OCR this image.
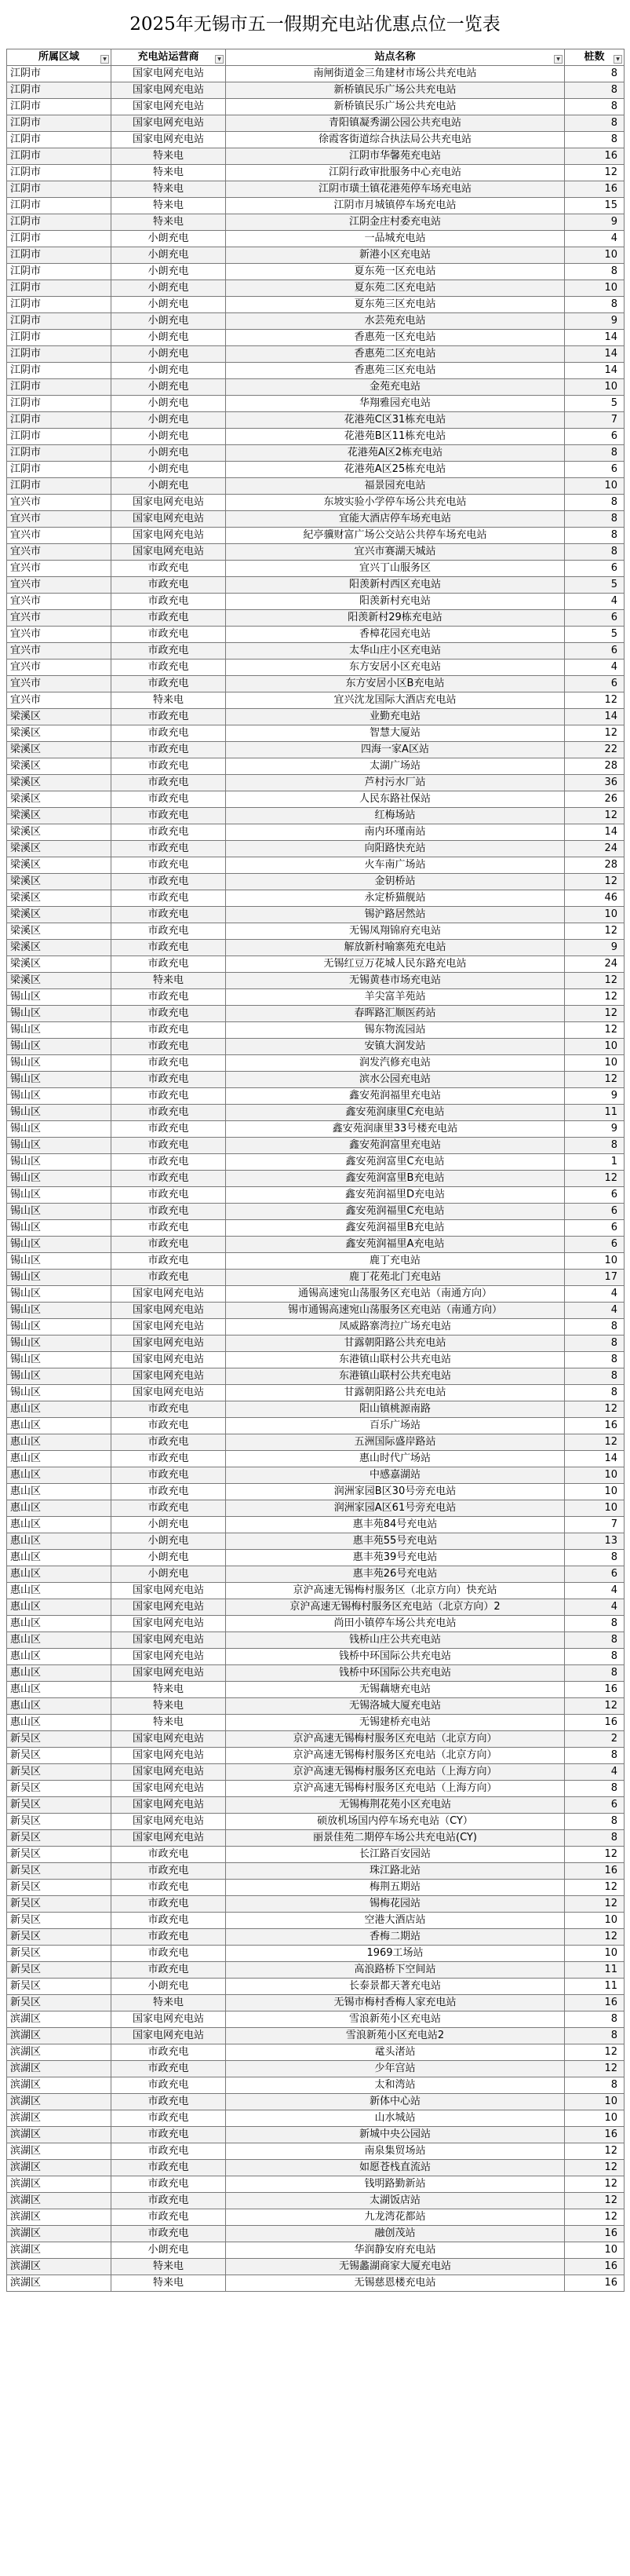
2025年无锡市五一假期充电站优惠点位一览表
所属区域 ▼	充电站运营商 ▼	站点名称 ▼	桩数 ▼

江阴市	国家电网充电站	南闸街道金三角建材市场公共充电站	8
江阴市	国家电网充电站	新桥镇民乐广场公共充电站	8
江阴市	国家电网充电站	新桥镇民乐广场公共充电站	8
江阴市	国家电网充电站	青阳镇凝秀湖公园公共充电站	8
江阴市	国家电网充电站	徐霞客街道综合执法局公共充电站	8
江阴市	特来电	江阴市华馨苑充电站	16
江阴市	特来电	江阴行政审批服务中心充电站	12
江阴市	特来电	江阴市璜土镇花港苑停车场充电站	16
江阴市	特来电	江阴市月城镇停车场充电站	15
江阴市	特来电	江阴金庄村委充电站	9
江阴市	小朗充电	一品城充电站	4
江阴市	小朗充电	新港小区充电站	10
江阴市	小朗充电	夏东苑一区充电站	8
江阴市	小朗充电	夏东苑二区充电站	10
江阴市	小朗充电	夏东苑三区充电站	8
江阴市	小朗充电	水芸苑充电站	9
江阴市	小朗充电	香惠苑一区充电站	14
江阴市	小朗充电	香惠苑二区充电站	14
江阴市	小朗充电	香惠苑三区充电站	14
江阴市	小朗充电	金苑充电站	10
江阴市	小朗充电	华翔雅园充电站	5
江阴市	小朗充电	花港苑C区31栋充电站	7
江阴市	小朗充电	花港苑B区11栋充电站	6
江阴市	小朗充电	花港苑A区2栋充电站	8
江阴市	小朗充电	花港苑A区25栋充电站	6
江阴市	小朗充电	福景园充电站	10
宜兴市	国家电网充电站	东坡实验小学停车场公共充电站	8
宜兴市	国家电网充电站	宜能大酒店停车场充电站	8
宜兴市	国家电网充电站	紀亭骥财富广场公交站公共停车场充电站	8
宜兴市	国家电网充电站	宜兴市赛湖天城站	8
宜兴市	市政充电	宜兴丁山服务区	6
宜兴市	市政充电	阳羡新村西区充电站	5
宜兴市	市政充电	阳羡新村充电站	4
宜兴市	市政充电	阳羡新村29栋充电站	6
宜兴市	市政充电	香樟花园充电站	5
宜兴市	市政充电	太华山庄小区充电站	6
宜兴市	市政充电	东方安居小区充电站	4
宜兴市	市政充电	东方安居小区B充电站	6
宜兴市	特来电	宜兴沈龙国际大酒店充电站	12
梁溪区	市政充电	业勤充电站	14
梁溪区	市政充电	智慧大厦站	12
梁溪区	市政充电	四海一家A区站	22
梁溪区	市政充电	太湖广场站	28
梁溪区	市政充电	芦村污水厂站	36
梁溪区	市政充电	人民东路社保站	26
梁溪区	市政充电	红梅场站	12
梁溪区	市政充电	南内环瑾南站	14
梁溪区	市政充电	向阳路快充站	24
梁溪区	市政充电	火车南广场站	28
梁溪区	市政充电	金钥桥站	12
梁溪区	市政充电	永定桥猫舰站	46
梁溪区	市政充电	锡沪路居然站	10
梁溪区	市政充电	无锡凤翔锦府充电站	12
梁溪区	市政充电	解放新村喻寨苑充电站	9
梁溪区	市政充电	无锡红豆万花城人民东路充电站	24
梁溪区	特来电	无锡黄巷市场充电站	12
锡山区	市政充电	羊尖富羊苑站	12
锡山区	市政充电	春晖路汇顺医药站	12
锡山区	市政充电	锡东物流园站	12
锡山区	市政充电	安镇大润发站	10
锡山区	市政充电	润发汽修充电站	10
锡山区	市政充电	滨水公园充电站	12
锡山区	市政充电	鑫安苑润福里充电站	9
锡山区	市政充电	鑫安苑润康里C充电站	11
锡山区	市政充电	鑫安苑润康里33号楼充电站	9
锡山区	市政充电	鑫安苑润富里充电站	8
锡山区	市政充电	鑫安苑润富里C充电站	1
锡山区	市政充电	鑫安苑润富里B充电站	12
锡山区	市政充电	鑫安苑润福里D充电站	6
锡山区	市政充电	鑫安苑润福里C充电站	6
锡山区	市政充电	鑫安苑润福里B充电站	6
锡山区	市政充电	鑫安苑润福里A充电站	6
锡山区	市政充电	鹿丁充电站	10
锡山区	市政充电	鹿丁花苑北门充电站	17
锡山区	国家电网充电站	通锡高速宛山荡服务区充电站（南通方向）	4
锡山区	国家电网充电站	锡市通锡高速宛山荡服务区充电站（南通方向）	4
锡山区	国家电网充电站	凤威路寨湾拉广场充电站	8
锡山区	国家电网充电站	甘露朝阳路公共充电站	8
锡山区	国家电网充电站	东港镇山联村公共充电站	8
锡山区	国家电网充电站	东港镇山联村公共充电站	8
锡山区	国家电网充电站	甘露朝阳路公共充电站	8
惠山区	市政充电	阳山镇桃源南路	12
惠山区	市政充电	百乐广场站	16
惠山区	市政充电	五洲国际盛岸路站	12
惠山区	市政充电	惠山时代广场站	14
惠山区	市政充电	中感嘉湖站	10
惠山区	市政充电	润洲家园B区30号旁充电站	10
惠山区	市政充电	润洲家园A区61号旁充电站	10
惠山区	小朗充电	惠丰苑84号充电站	7
惠山区	小朗充电	惠丰苑55号充电站	13
惠山区	小朗充电	惠丰苑39号充电站	8
惠山区	小朗充电	惠丰苑26号充电站	6
惠山区	国家电网充电站	京沪高速无锡梅村服务区（北京方向）快充站	4
惠山区	国家电网充电站	京沪高速无锡梅村服务区充电站（北京方向）2	4
惠山区	国家电网充电站	尚田小镇停车场公共充电站	8
惠山区	国家电网充电站	钱桥山庄公共充电站	8
惠山区	国家电网充电站	钱桥中环国际公共充电站	8
惠山区	国家电网充电站	钱桥中环国际公共充电站	8
惠山区	特来电	无锡藕塘充电站	16
惠山区	特来电	无锡洛城大厦充电站	12
惠山区	特来电	无锡建桥充电站	16
新吴区	国家电网充电站	京沪高速无锡梅村服务区充电站（北京方向）	2
新吴区	国家电网充电站	京沪高速无锡梅村服务区充电站（北京方向）	8
新吴区	国家电网充电站	京沪高速无锡梅村服务区充电站（上海方向）	4
新吴区	国家电网充电站	京沪高速无锡梅村服务区充电站（上海方向）	8
新吴区	国家电网充电站	无锡梅荆花苑小区充电站	6
新吴区	国家电网充电站	硕放机场国内停车场充电站（CY）	8
新吴区	国家电网充电站	丽景佳苑二期停车场公共充电站(CY)	8
新吴区	市政充电	长江路百安园站	12
新吴区	市政充电	珠江路北站	16
新吴区	市政充电	梅荆五期站	12
新吴区	市政充电	锡梅花园站	12
新吴区	市政充电	空港大酒店站	10
新吴区	市政充电	香梅二期站	12
新吴区	市政充电	1969工场站	10
新吴区	市政充电	高浪路桥下空间站	11
新吴区	小朗充电	长泰景都天著充电站	11
新吴区	特来电	无锡市梅村香梅人家充电站	16
滨湖区	国家电网充电站	雪浪新苑小区充电站	8
滨湖区	国家电网充电站	雪浪新苑小区充电站2	8
滨湖区	市政充电	鼋头渚站	12
滨湖区	市政充电	少年宫站	12
滨湖区	市政充电	太和湾站	8
滨湖区	市政充电	新体中心站	10
滨湖区	市政充电	山水城站	10
滨湖区	市政充电	新城中央公园站	16
滨湖区	市政充电	南泉集贸场站	12
滨湖区	市政充电	如愿苍栈直流站	12
滨湖区	市政充电	钱明路勤新站	12
滨湖区	市政充电	太湖饭店站	12
滨湖区	市政充电	九龙湾花都站	12
滨湖区	市政充电	融创茂站	16
滨湖区	小朗充电	华润静安府充电站	10
滨湖区	特来电	无锡蠡湖商家大厦充电站	16
滨湖区	特来电	无锡慈恩楼充电站	16
